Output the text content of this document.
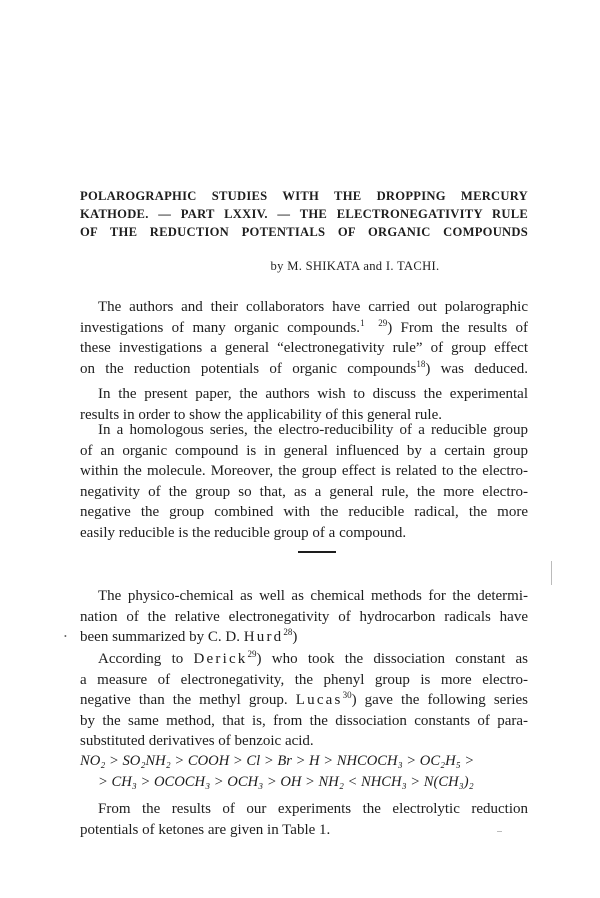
POLAROGRAPHIC STUDIES WITH THE DROPPING MERCURY
KATHODE. — PART LXXIV. — THE ELECTRONEGATIVITY RULE
OF THE REDUCTION POTENTIALS OF ORGANIC COMPOUNDS
by M. SHIKATA and I. TACHI.
The authors and their collaborators have carried out polarographic
investigations of many organic compounds.$^{1 29}$) From the results of
these investigations a general “electronegativity rule” of group effect
on the reduction potentials of organic compounds$^{18}$) was deduced.
In the present paper, the authors wish to discuss the experimental
results in order to show the applicability of this general rule.
In a homologous series, the electro-reducibility of a reducible group
of an organic compound is in general influenced by a certain group
within the molecule. Moreover, the group effect is related to the electro-
negativity of the group so that, as a general rule, the more electro-
negative the group combined with the reducible radical, the more
easily reducible is the reducible group of a compound.
The physico-chemical as well as chemical methods for the determi-
nation of the relative electronegativity of hydrocarbon radicals have
been summarized by C. D. Hurd$^{28}$)
According to Derick$^{29}$) who took the dissociation constant as
a measure of electronegativity, the phenyl group is more electro-
negative than the methyl group. Lucas$^{30}$) gave the following series
by the same method, that is, from the dissociation constants of para-
substituted derivatives of benzoic acid.
NO₂ > SO₂NH₂ > COOH > Cl > Br > H > NHCOCH₃ > OC₂H₅ >
> CH₃ > OCOCH₃ > OCH₃ > OH > NH₂ < NHCH₃ > N(CH₃)₂
From the results of our experiments the electrolytic reduction
potentials of ketones are given in Table 1.
•
